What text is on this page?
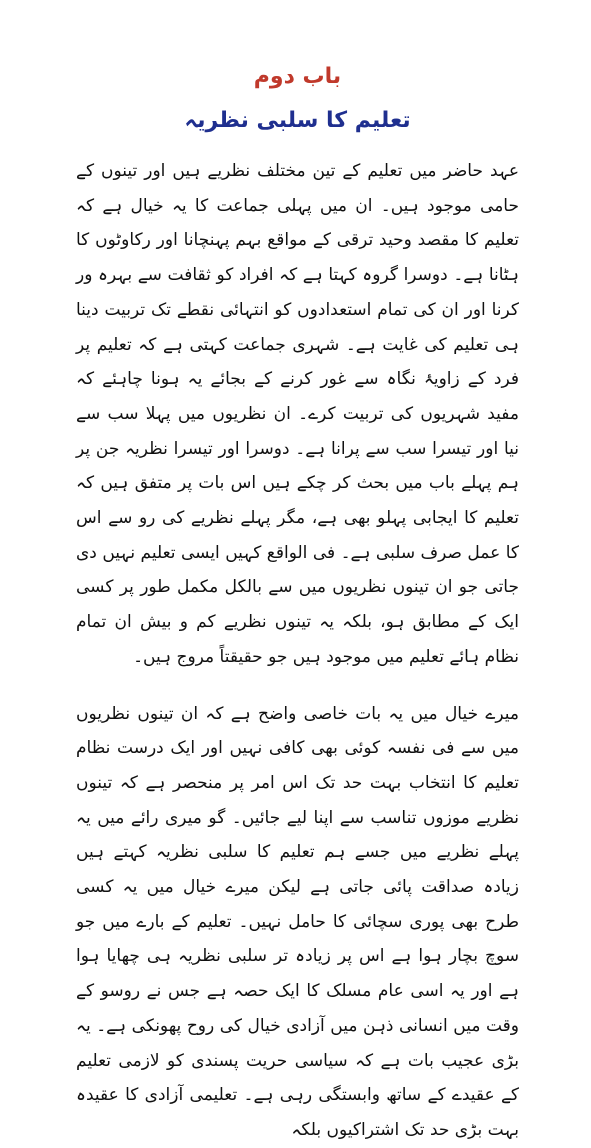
باب دوم
تعلیم کا سلبی نظریہ

عہد حاضر میں تعلیم کے تین مختلف نظریے ہیں اور تینوں کے حامی موجود ہیں۔ ان میں پہلی جماعت کا یہ خیال ہے کہ تعلیم کا مقصد وحید ترقی کے مواقع بہم پہنچانا اور رکاوٹوں کا ہٹانا ہے۔ دوسرا گروہ کہتا ہے کہ افراد کو ثقافت سے بہرہ ور کرنا اور ان کی تمام استعدادوں کو انتہائی نقطے تک تربیت دینا ہی تعلیم کی غایت ہے۔ شہری جماعت کہتی ہے کہ تعلیم پر فرد کے زاویۂ نگاہ سے غور کرنے کے بجائے یہ ہونا چاہئے کہ مفید شہریوں کی تربیت کرے۔ ان نظریوں میں پہلا سب سے نیا اور تیسرا سب سے پرانا ہے۔ دوسرا اور تیسرا نظریہ جن پر ہم پہلے باب میں بحث کر چکے ہیں اس بات پر متفق ہیں کہ تعلیم کا ایجابی پہلو بھی ہے، مگر پہلے نظریے کی رو سے اس کا عمل صرف سلبی ہے۔ فی الواقع کہیں ایسی تعلیم نہیں دی جاتی جو ان تینوں نظریوں میں سے بالکل مکمل طور پر کسی ایک کے مطابق ہو، بلکہ یہ تینوں نظریے کم و بیش ان تمام نظام ہائے تعلیم میں موجود ہیں جو حقیقتاً مروج ہیں۔

میرے خیال میں یہ بات خاصی واضح ہے کہ ان تینوں نظریوں میں سے فی نفسہ کوئی بھی کافی نہیں اور ایک درست نظام تعلیم کا انتخاب بہت حد تک اس امر پر منحصر ہے کہ تینوں نظریے موزوں تناسب سے اپنا لیے جائیں۔ گو میری رائے میں یہ پہلے نظریے میں جسے ہم تعلیم کا سلبی نظریہ کہتے ہیں زیادہ صداقت پائی جاتی ہے لیکن میرے خیال میں یہ کسی طرح بھی پوری سچائی کا حامل نہیں۔ تعلیم کے بارے میں جو سوچ بچار ہوا ہے اس پر زیادہ تر سلبی نظریہ ہی چھایا ہوا ہے اور یہ اسی عام مسلک کا ایک حصہ ہے جس نے روسو کے وقت میں انسانی ذہن میں آزادی خیال کی روح پھونکی ہے۔ یہ بڑی عجیب بات ہے کہ سیاسی حریت پسندی کو لازمی تعلیم کے عقیدے کے ساتھ وابستگی رہی ہے۔ تعلیمی آزادی کا عقیدہ بہت بڑی حد تک اشتراکیوں بلکہ
